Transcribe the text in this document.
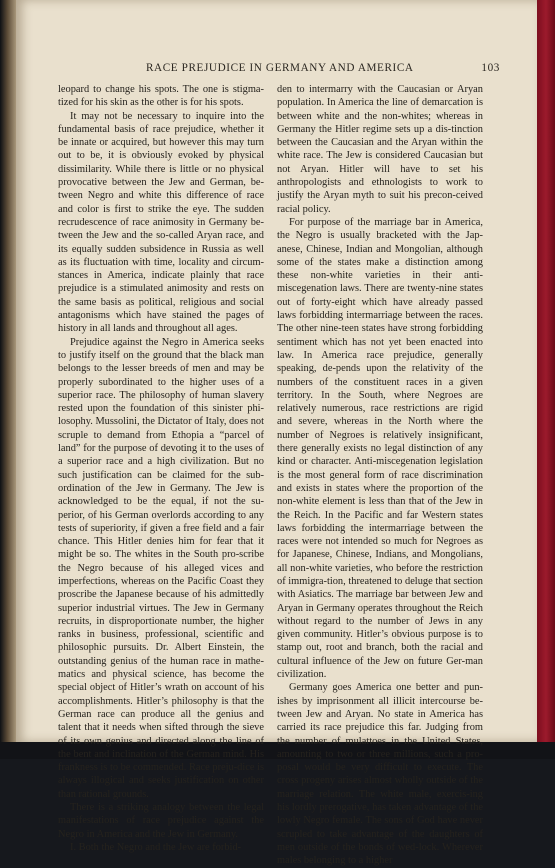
RACE PREJUDICE IN GERMANY AND AMERICA	103

leopard to change his spots. The one is stigma-tized for his skin as the other is for his spots.

It may not be necessary to inquire into the fundamental basis of race prejudice, whether it be innate or acquired, but however this may turn out to be, it is obviously evoked by physical dissimilarity. While there is little or no physical provocative between the Jew and German, be-tween Negro and white this difference of race and color is first to strike the eye. The sudden recrudescence of race animosity in Germany be-tween the Jew and the so-called Aryan race, and its equally sudden subsidence in Russia as well as its fluctuation with time, locality and circum-stances in America, indicate plainly that race prejudice is a stimulated animosity and rests on the same basis as political, religious and social antagonisms which have stained the pages of history in all lands and throughout all ages.

Prejudice against the Negro in America seeks to justify itself on the ground that the black man belongs to the lesser breeds of men and may be properly subordinated to the higher uses of a superior race. The philosophy of human slavery rested upon the foundation of this sinister phi-losophy. Mussolini, the Dictator of Italy, does not scruple to demand from Ethopia a “parcel of land” for the purpose of devoting it to the uses of a superior race and a high civilization. But no such justification can be claimed for the sub-ordination of the Jew in Germany. The Jew is acknowledged to be the equal, if not the su-perior, of his German overlords according to any tests of superiority, if given a free field and a fair chance. This Hitler denies him for fear that it might be so. The whites in the South pro-scribe the Negro because of his alleged vices and imperfections, whereas on the Pacific Coast they proscribe the Japanese because of his admittedly superior industrial virtues. The Jew in Germany recruits, in disproportionate number, the higher ranks in business, professional, scientific and philosophic pursuits. Dr. Albert Einstein, the outstanding genius of the human race in mathe-matics and physical science, has become the special object of Hitler’s wrath on account of his accomplishments. Hitler’s philosophy is that the German race can produce all the genius and talent that it needs when sifted through the sieve of its own genius and directed along the line of the bent and inclination of the German mind. His frankness is to be commended. Race preju-dice is always illogical and seeks justification on other than rational grounds.

There is a striking analogy between the legal manifestations of race prejudice against the Negro in America and the Jew in Germany.

I. Both the Negro and the Jew are forbid-

den to intermarry with the Caucasian or Aryan population. In America the line of demarcation is between white and the non-whites; whereas in Germany the Hitler regime sets up a dis-tinction between the Caucasian and the Aryan within the white race. The Jew is considered Caucasian but not Aryan. Hitler will have to set his anthropologists and ethnologists to work to justify the Aryan myth to suit his precon-ceived racial policy.

For purpose of the marriage bar in America, the Negro is usually bracketed with the Jap-anese, Chinese, Indian and Mongolian, although some of the states make a distinction among these non-white varieties in their anti-miscegenation laws. There are twenty-nine states out of forty-eight which have already passed laws forbidding intermarriage between the races. The other nine-teen states have strong forbidding sentiment which has not yet been enacted into law. In America race prejudice, generally speaking, de-pends upon the relativity of the numbers of the constituent races in a given territory. In the South, where Negroes are relatively numerous, race restrictions are rigid and severe, whereas in the North where the number of Negroes is relatively insignificant, there generally exists no legal distinction of any kind or character. Anti-miscegenation legislation is the most general form of race discrimination and exists in states where the proportion of the non-white element is less than that of the Jew in the Reich. In the Pacific and far Western states laws forbidding the intermarriage between the races were not intended so much for Negroes as for Japanese, Chinese, Indians, and Mongolians, all non-white varieties, who before the restriction of immigra-tion, threatened to deluge that section with Asiatics. The marriage bar between Jew and Aryan in Germany operates throughout the Reich without regard to the number of Jews in any given community. Hitler’s obvious purpose is to stamp out, root and branch, both the racial and cultural influence of the Jew on future Ger-man civilization.

Germany goes America one better and pun-ishes by imprisonment all illicit intercourse be-tween Jew and Aryan. No state in America has carried its race prejudice this far. Judging from the number of mulattoes in the United States, amounting to two or three millions, such a pro-posal would be very difficult to execute. The cross progeny arises almost wholly outside of the marriage relation. The white male, exercis-ing his lordly prerogative, has taken advantage of the lowly Negro female. The sons of God have never scrupled to take advantage of the daughters of men outside of the bonds of wed-lock. Wherever males belonging to a higher
